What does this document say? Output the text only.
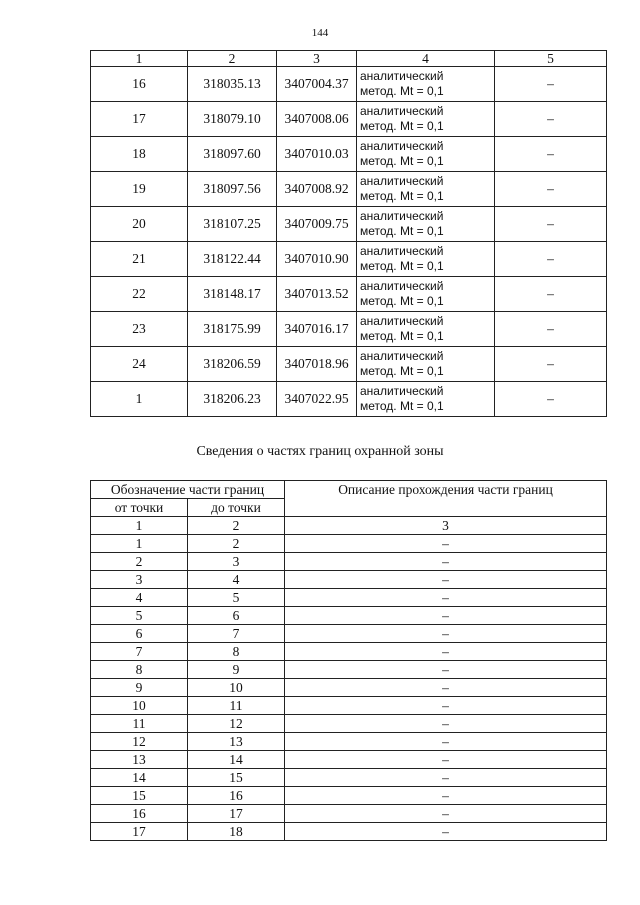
144
1	2	3	4	5
16	318035.13	3407004.37	аналитический
метод. Mt = 0,1	–
17	318079.10	3407008.06	аналитический
метод. Mt = 0,1	–
18	318097.60	3407010.03	аналитический
метод. Mt = 0,1	–
19	318097.56	3407008.92	аналитический
метод. Mt = 0,1	–
20	318107.25	3407009.75	аналитический
метод. Mt = 0,1	–
21	318122.44	3407010.90	аналитический
метод. Mt = 0,1	–
22	318148.17	3407013.52	аналитический
метод. Mt = 0,1	–
23	318175.99	3407016.17	аналитический
метод. Mt = 0,1	–
24	318206.59	3407018.96	аналитический
метод. Mt = 0,1	–
1	318206.23	3407022.95	аналитический
метод. Mt = 0,1	–
Сведения о частях границ охранной зоны
Обозначение части границ		Описание прохождения части границ
от точки	до точки	
1	2	3
1	2	–
2	3	–
3	4	–
4	5	–
5	6	–
6	7	–
7	8	–
8	9	–
9	10	–
10	11	–
11	12	–
12	13	–
13	14	–
14	15	–
15	16	–
16	17	–
17	18	–
